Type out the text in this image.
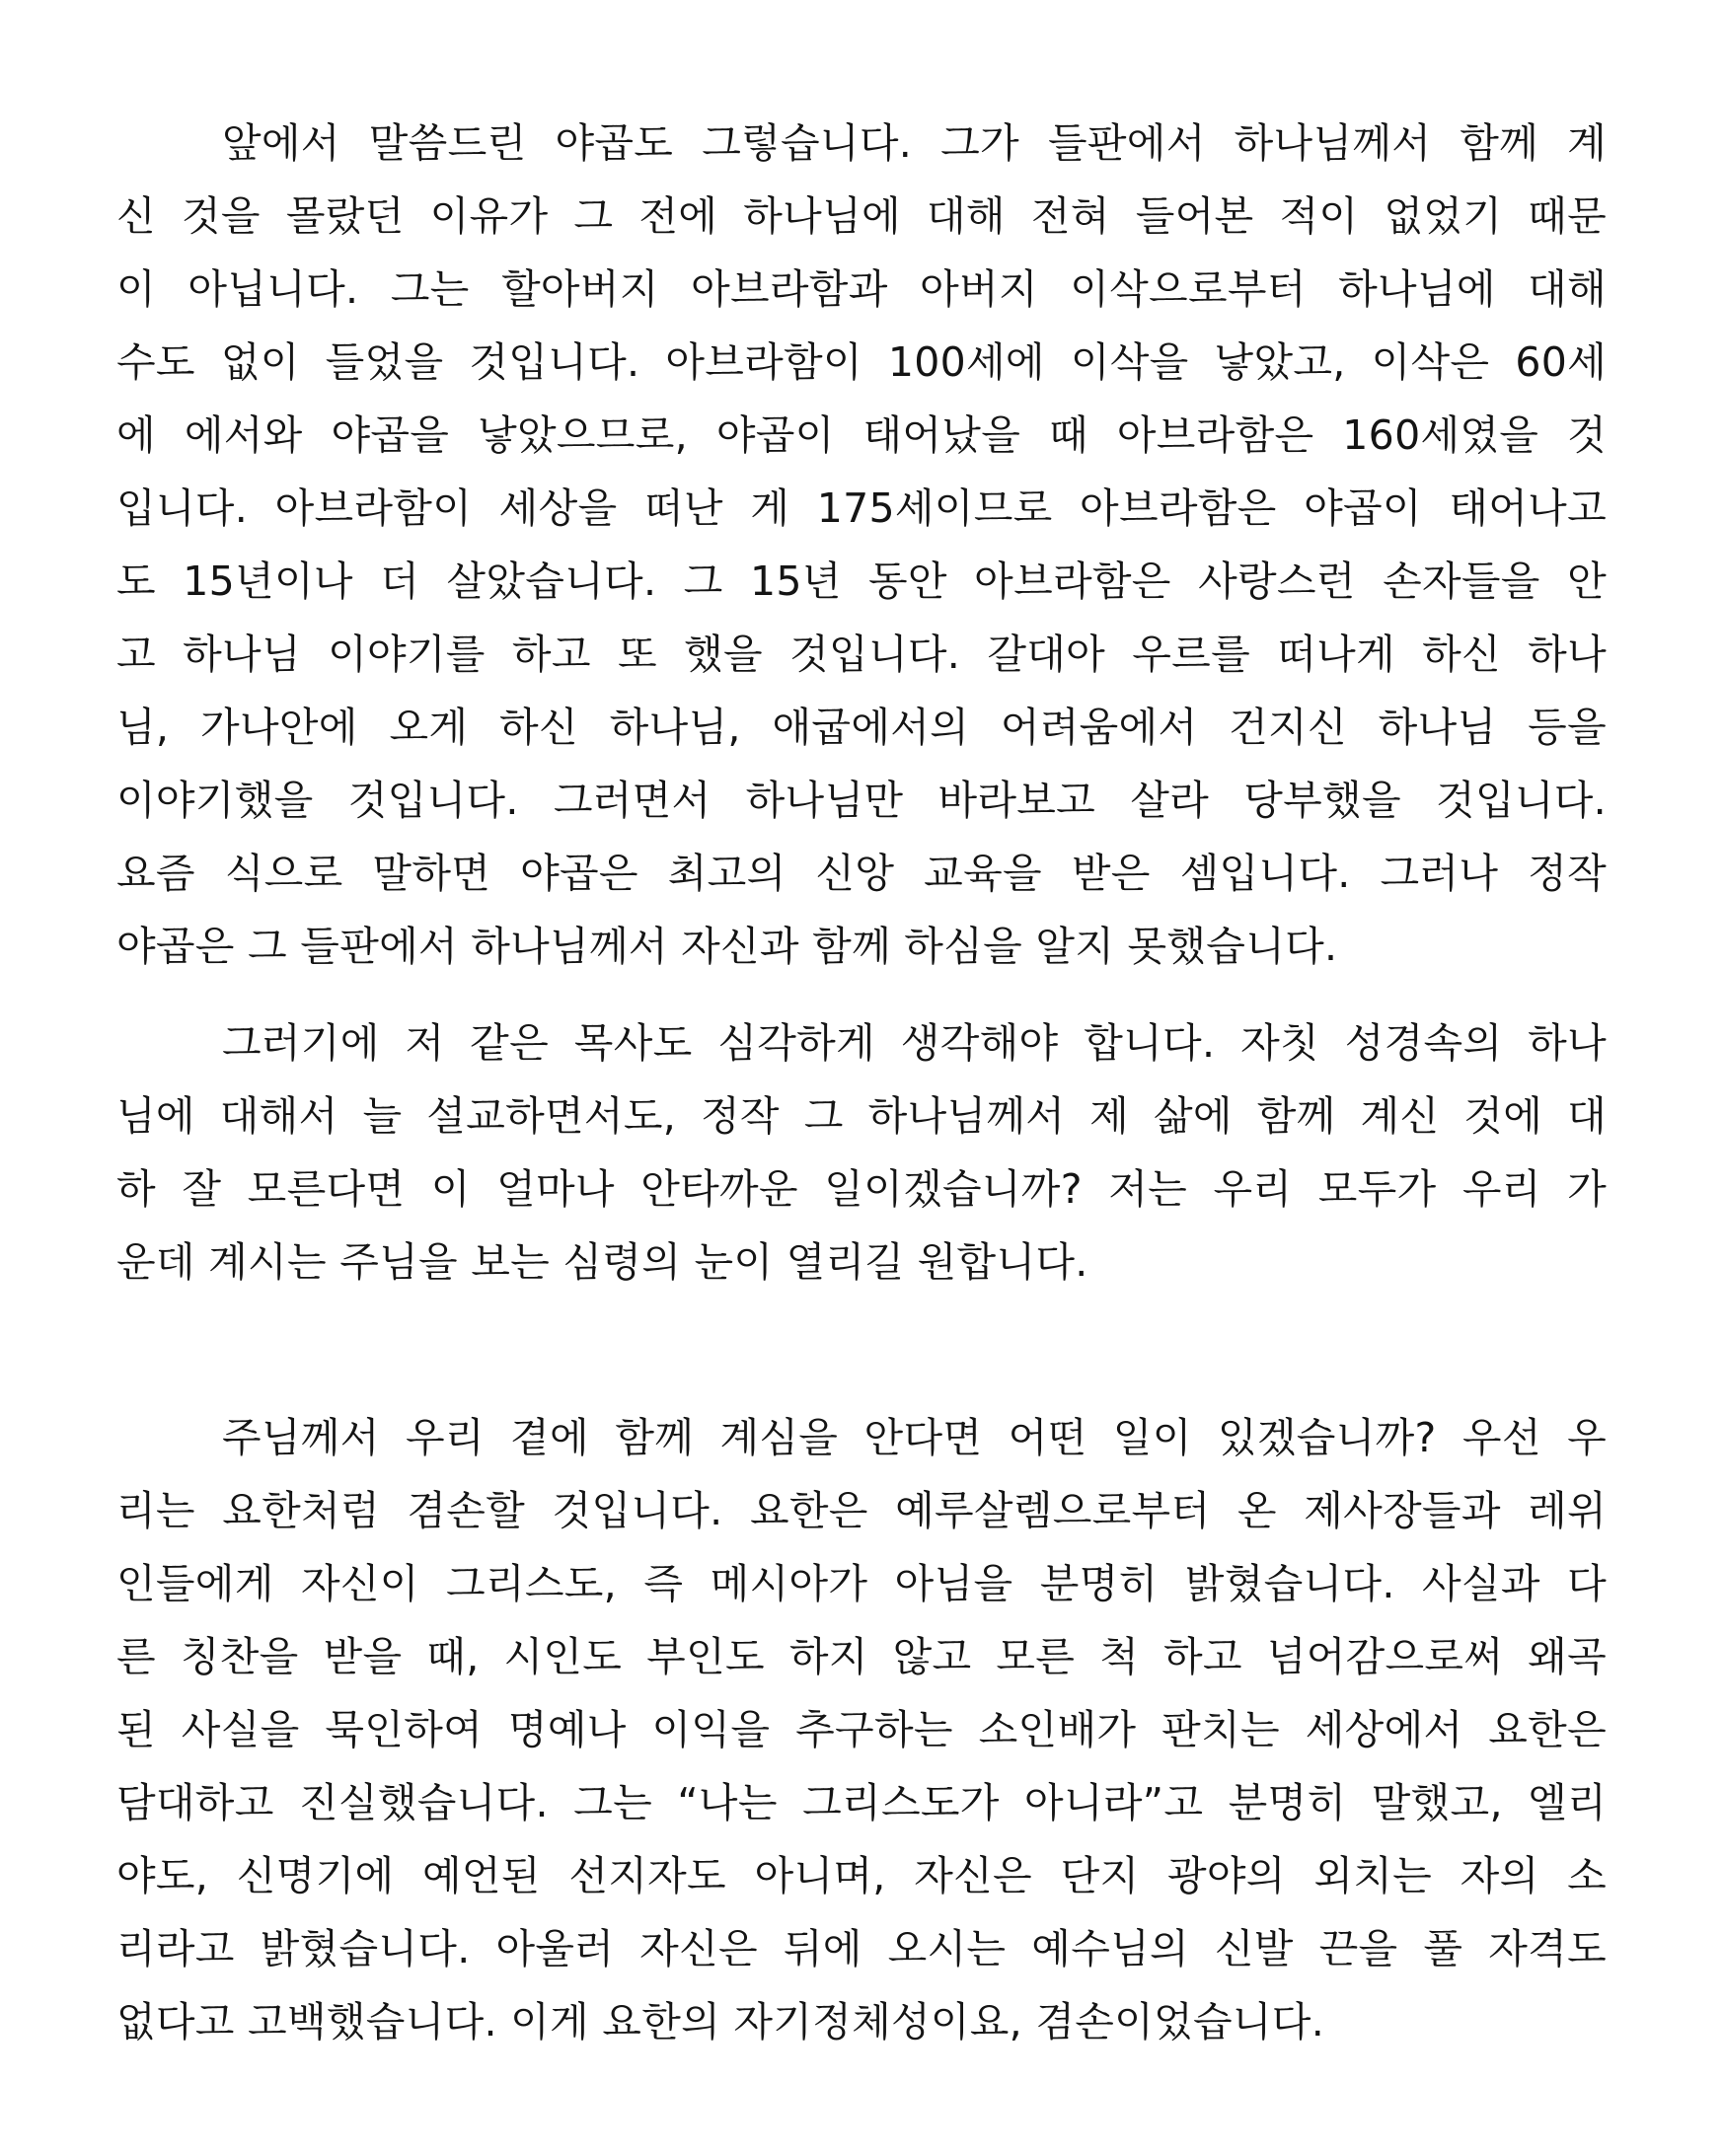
앞에서 말씀드린 야곱도 그렇습니다. 그가 들판에서 하나님께서 함께 계
신 것을 몰랐던 이유가 그 전에 하나님에 대해 전혀 들어본 적이 없었기 때문
이 아닙니다. 그는 할아버지 아브라함과 아버지 이삭으로부터 하나님에 대해
수도 없이 들었을 것입니다. 아브라함이 100세에 이삭을 낳았고, 이삭은 60세
에 에서와 야곱을 낳았으므로, 야곱이 태어났을 때 아브라함은 160세였을 것
입니다. 아브라함이 세상을 떠난 게 175세이므로 아브라함은 야곱이 태어나고
도 15년이나 더 살았습니다. 그 15년 동안 아브라함은 사랑스런 손자들을 안
고 하나님 이야기를 하고 또 했을 것입니다. 갈대아 우르를 떠나게 하신 하나
님, 가나안에 오게 하신 하나님, 애굽에서의 어려움에서 건지신 하나님 등을
이야기했을 것입니다. 그러면서 하나님만 바라보고 살라 당부했을 것입니다.
요즘 식으로 말하면 야곱은 최고의 신앙 교육을 받은 셈입니다. 그러나 정작
야곱은 그 들판에서 하나님께서 자신과 함께 하심을 알지 못했습니다.
그러기에 저 같은 목사도 심각하게 생각해야 합니다. 자칫 성경속의 하나
님에 대해서 늘 설교하면서도, 정작 그 하나님께서 제 삶에 함께 계신 것에 대
하 잘 모른다면 이 얼마나 안타까운 일이겠습니까? 저는 우리 모두가 우리 가
운데 계시는 주님을 보는 심령의 눈이 열리길 원합니다.
주님께서 우리 곁에 함께 계심을 안다면 어떤 일이 있겠습니까? 우선 우
리는 요한처럼 겸손할 것입니다. 요한은 예루살렘으로부터 온 제사장들과 레위
인들에게 자신이 그리스도, 즉 메시아가 아님을 분명히 밝혔습니다. 사실과 다
른 칭찬을 받을 때, 시인도 부인도 하지 않고 모른 척 하고 넘어감으로써 왜곡
된 사실을 묵인하여 명예나 이익을 추구하는 소인배가 판치는 세상에서 요한은
담대하고 진실했습니다. 그는 “나는 그리스도가 아니라”고 분명히 말했고, 엘리
야도, 신명기에 예언된 선지자도 아니며, 자신은 단지 광야의 외치는 자의 소
리라고 밝혔습니다. 아울러 자신은 뒤에 오시는 예수님의 신발 끈을 풀 자격도
없다고 고백했습니다. 이게 요한의 자기정체성이요, 겸손이었습니다.
